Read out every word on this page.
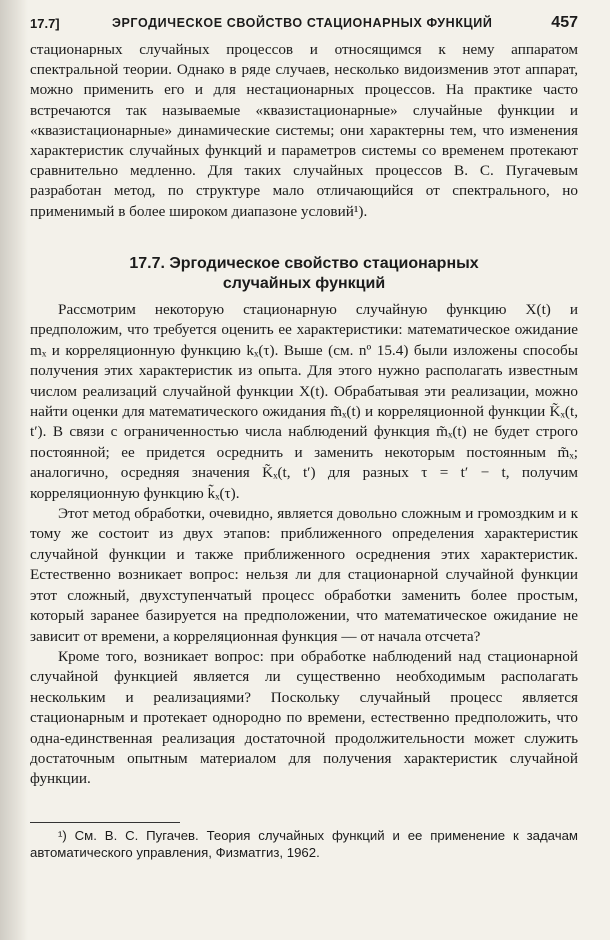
17.7]	ЭРГОДИЧЕСКОЕ СВОЙСТВО СТАЦИОНАРНЫХ ФУНКЦИЙ	457

стационарных случайных процессов и относящимся к нему аппаратом спектральной теории. Однако в ряде случаев, несколько видоизменив этот аппарат, можно применить его и для нестационарных процессов. На практике часто встречаются так называемые «квазистационарные» случайные функции и «квазистационарные» динамические системы; они характерны тем, что изменения характеристик случайных функций и параметров системы со временем протекают сравнительно медленно. Для таких случайных процессов В. С. Пугачевым разработан метод, по структуре мало отличающийся от спектрального, но применимый в более широком диапазоне условий¹).

17.7. Эргодическое свойство стационарных
случайных функций

Рассмотрим некоторую стационарную случайную функцию X(t) и предположим, что требуется оценить ее характеристики: математическое ожидание mₓ и корреляционную функцию kₓ(τ). Выше (см. nº 15.4) были изложены способы получения этих характеристик из опыта. Для этого нужно располагать известным числом реализаций случайной функции X(t). Обрабатывая эти реализации, можно найти оценки для математического ожидания m̃ₓ(t) и корреляционной функции K̃ₓ(t, t′). В связи с ограниченностью числа наблюдений функция m̃ₓ(t) не будет строго постоянной; ее придется осреднить и заменить некоторым постоянным m̃ₓ; аналогично, осредняя значения K̃ₓ(t, t′) для разных τ = t′ − t, получим корреляционную функцию k̃ₓ(τ).

Этот метод обработки, очевидно, является довольно сложным и громоздким и к тому же состоит из двух этапов: приближенного определения характеристик случайной функции и также приближенного осреднения этих характеристик. Естественно возникает вопрос: нельзя ли для стационарной случайной функции этот сложный, двухступенчатый процесс обработки заменить более простым, который заранее базируется на предположении, что математическое ожидание не зависит от времени, а корреляционная функция — от начала отсчета?

Кроме того, возникает вопрос: при обработке наблюдений над стационарной случайной функцией является ли существенно необходимым располагать нескольким и реализациями? Поскольку случайный процесс является стационарным и протекает однородно по времени, естественно предположить, что одна-единственная реализация достаточной продолжительности может служить достаточным опытным материалом для получения характеристик случайной функции.

¹) См. В. С. Пугачев. Теория случайных функций и ее применение к задачам автоматического управления, Физматгиз, 1962.
